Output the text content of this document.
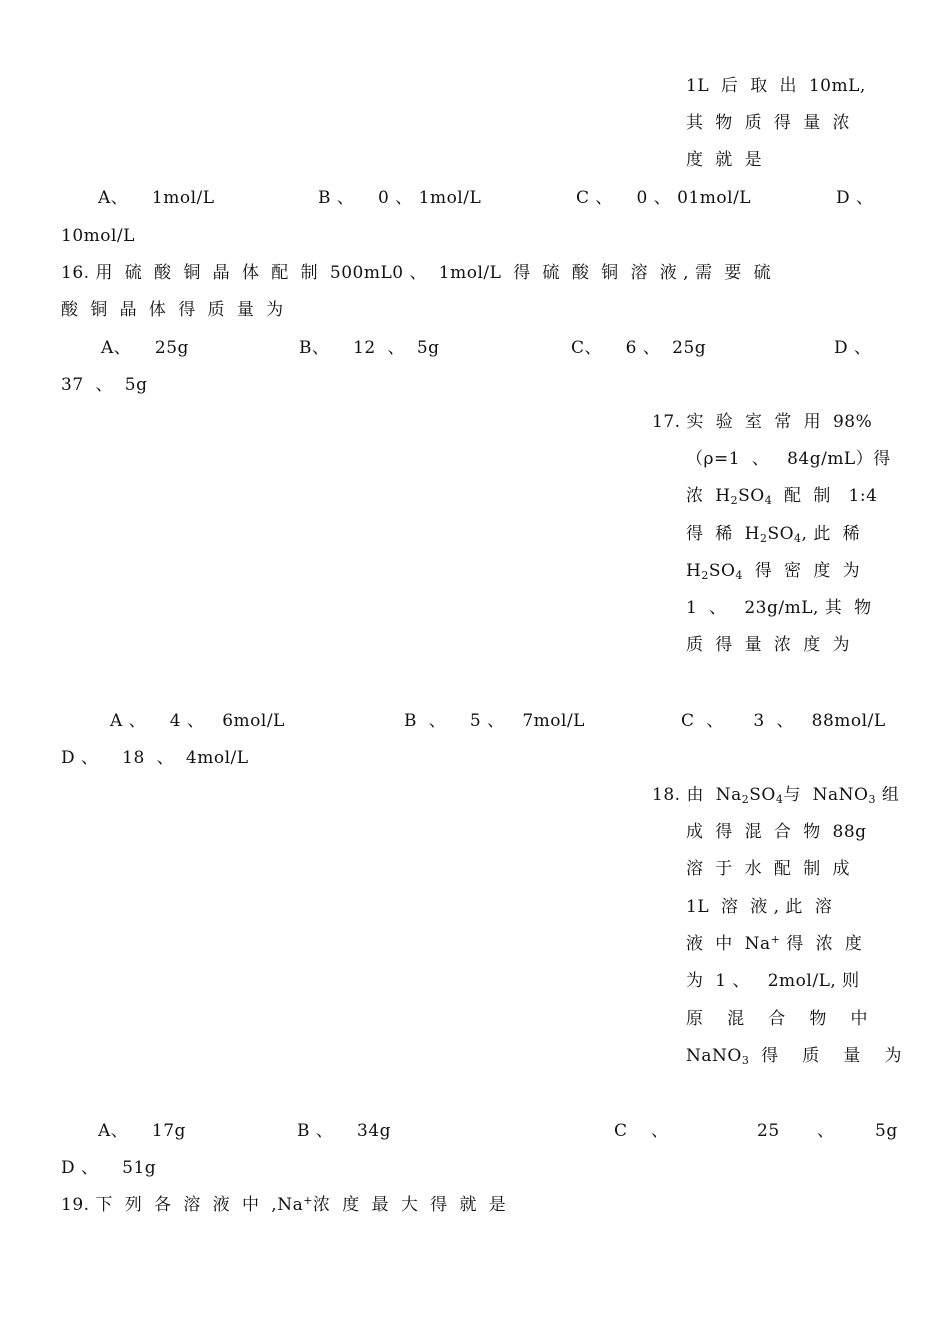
1L  后  取  出  10mL,
其  物  质  得  量  浓
度  就  是
A、    1mol/L	B 、    0 、 1mol/L	C 、    0 、 01mol/L	D 、
10mol/L
16. 用  硫  酸  铜  晶  体  配  制  500mL0 、  1mol/L  得  硫  酸  铜  溶  液 , 需  要  硫
酸  铜  晶  体  得  质  量  为
A、    25g	B、    12  、  5g	C、    6 、  25g	D 、
37  、  5g
17. 实  验  室  常  用  98%
（ρ=1  、   84g/mL）得
浓  $H_2SO_4$  配  制   1:4
得  稀  $H_2SO_4$, 此  稀
$H_2SO_4$  得  密  度  为
1  、   23g/mL, 其  物
质  得  量  浓  度  为
A 、    4 、   6mol/L	B  、    5 、   7mol/L	C  、     3  、   88mol/L
D 、    18  、  4mol/L
18. 由  $Na_2SO_4$与  NaNO$_3$ 组
成  得  混  合  物  88g
溶  于  水  配  制  成
1L  溶  液 , 此  溶
液  中  Na+ 得  浓  度
为  1 、   2mol/L, 则
原    混    合    物    中
NaNO$_3$  得    质    量    为
A、    17g	B 、    34g	C    、	25 、 5g
D 、    51g
19. 下  列  各  溶  液  中  ,Na+浓  度  最  大  得  就  是
